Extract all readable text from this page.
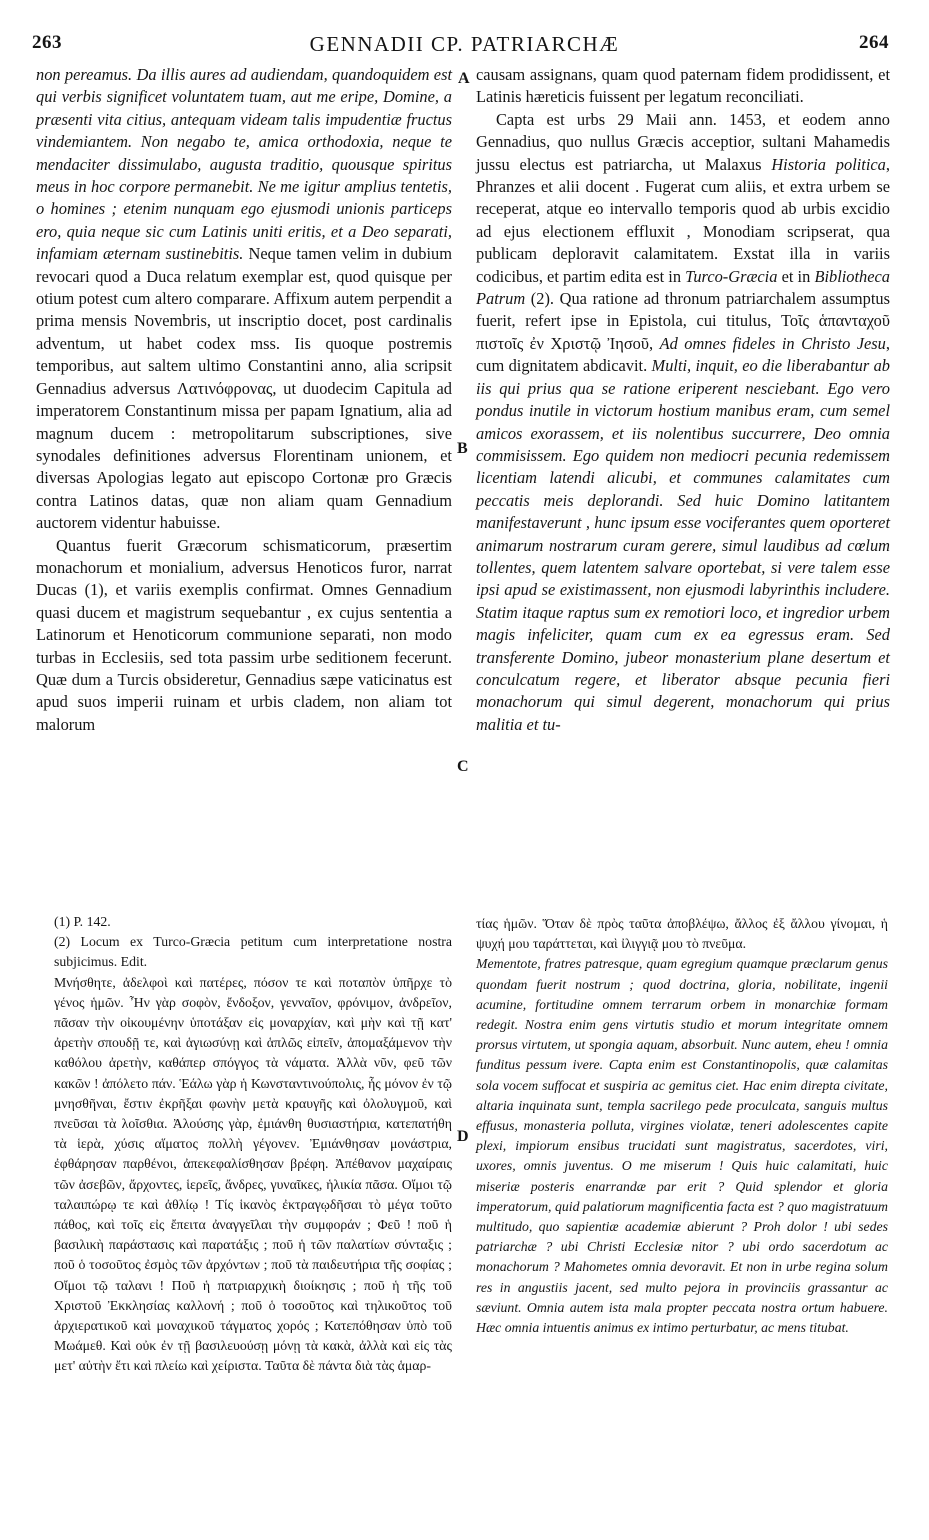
263	GENNADII CP. PATRIARCHÆ	264
A
B
C
D

non pereamus. Da illis aures ad audiendam, quandoquidem est qui verbis significet voluntatem tuam, aut me eripe, Domine, a præsenti vita citius, antequam videam talis impudentiæ fructus vindemiantem. Non negabo te, amica orthodoxia, neque te mendaciter dissimulabo, augusta traditio, quousque spiritus meus in hoc corpore permanebit. Ne me igitur amplius tentetis, o homines ; etenim nunquam ego ejusmodi unionis particeps ero, quia neque sic cum Latinis uniti eritis, et a Deo separati, infamiam æternam sustinebitis. Neque tamen velim in dubium revocari quod a Duca relatum exemplar est, quod quisque per otium potest cum altero comparare. Affixum autem perpendit a prima mensis Novembris, ut inscriptio docet, post cardinalis adventum, ut habet codex mss. Iis quoque postremis temporibus, aut saltem ultimo Constantini anno, alia scripsit Gennadius adversus Λατινόφρονας, ut duodecim Capitula ad imperatorem Constantinum missa per papam Ignatium, alia ad magnum ducem : metropolitarum subscriptiones, sive synodales definitiones adversus Florentinam unionem, et diversas Apologias legato aut episcopo Cortonæ pro Græcis contra Latinos datas, quæ non aliam quam Gennadium auctorem videntur habuisse.

Quantus fuerit Græcorum schismaticorum, præsertim monachorum et monialium, adversus Henoticos furor, narrat Ducas (1), et variis exemplis confirmat. Omnes Gennadium quasi ducem et magistrum sequebantur , ex cujus sententia a Latinorum et Henoticorum communione separati, non modo turbas in Ecclesiis, sed tota passim urbe seditionem fecerunt. Quæ dum a Turcis obsideretur, Gennadius sæpe vaticinatus est apud suos imperii ruinam et urbis cladem, non aliam tot malorum

causam assignans, quam quod paternam fidem prodidissent, et Latinis hæreticis fuissent per legatum reconciliati.

Capta est urbs 29 Maii ann. 1453, et eodem anno Gennadius, quo nullus Græcis acceptior, sultani Mahamedis jussu electus est patriarcha, ut Malaxus Historia politica, Phranzes et alii docent . Fugerat cum aliis, et extra urbem se receperat, atque eo intervallo temporis quod ab urbis excidio ad ejus electionem effluxit , Monodiam scripserat, qua publicam deploravit calamitatem. Exstat illa in variis codicibus, et partim edita est in Turco-Græcia et in Bibliotheca Patrum (2). Qua ratione ad thronum patriarchalem assumptus fuerit, refert ipse in Epistola, cui titulus, Τοῖς ἁπανταχοῦ πιστοῖς ἐν Χριστῷ Ἰησοῦ, Ad omnes fideles in Christo Jesu, cum dignitatem abdicavit. Multi, inquit, eo die liberabantur ab iis qui prius qua se ratione eriperent nesciebant. Ego vero pondus inutile in victorum hostium manibus eram, cum semel amicos exorassem, et iis nolentibus succurrere, Deo omnia commisissem. Ego quidem non mediocri pecunia redemissem licentiam latendi alicubi, et communes calamitates cum peccatis meis deplorandi. Sed huic Domino latitantem manifestaverunt , hunc ipsum esse vociferantes quem oporteret animarum nostrarum curam gerere, simul laudibus ad cœlum tollentes, quem latentem salvare oportebat, si vere talem esse ipsi apud se existimassent, non ejusmodi labyrinthis includere. Statim itaque raptus sum ex remotiori loco, et ingredior urbem magis infeliciter, quam cum ex ea egressus eram. Sed transferente Domino, jubeor monasterium plane desertum et conculcatum regere, et liberator absque pecunia fieri monachorum qui simul degerent, monachorum qui prius malitia et tu-

(1) P. 142.
(2) Locum ex Turco-Græcia petitum cum interpretatione nostra subjicimus. Edit.
Μνήσθητε, ἀδελφοὶ καὶ πατέρες, πόσον τε καὶ ποταπὸν ὑπῆρχε τὸ γένος ἡμῶν. Ἦν γὰρ σοφὸν, ἔνδοξον, γενναῖον, φρόνιμον, ἀνδρεῖον, πᾶσαν τὴν οἰκουμένην ὑποτάξαν εἰς μοναρχίαν, καὶ μὴν καὶ τῇ κατ' ἀρετὴν σπουδῇ τε, καὶ ἁγιωσύνῃ καὶ ἁπλῶς εἰπεῖν, ἀπομαξάμενον τὴν καθόλου ἀρετὴν, καθάπερ σπόγγος τὰ νάματα. Ἀλλὰ νῦν, φεῦ τῶν κακῶν ! ἀπόλετο πάν. Ἑάλω γὰρ ἡ Κωνσταντινούπολις, ἧς μόνον ἐν τῷ μνησθῆναι, ἔστιν ἐκρῆξαι φωνὴν μετὰ κραυγῆς καὶ ὀλολυγμοῦ, καὶ πνεῦσαι τὰ λοῖσθια. Ἀλούσης γὰρ, ἐμιάνθη θυσιαστήρια, κατεπατήθη τὰ ἱερὰ, χύσις αἵματος πολλὴ γέγονεν. Ἐμιάνθησαν μονάστρια, ἐφθάρησαν παρθένοι, ἀπεκεφαλίσθησαν βρέφη. Ἀπέθανον μαχαίραις τῶν ἀσεβῶν, ἄρχοντες, ἱερεῖς, ἄνδρες, γυναῖκες, ἡλικία πᾶσα. Οἴμοι τῷ ταλαιπώρῳ τε καὶ ἀθλίῳ ! Τίς ἱκανὸς ἐκτραγῳδῆσαι τὸ μέγα τοῦτο πάθος, καὶ τοῖς εἰς ἔπειτα ἀναγγεῖλαι τὴν συμφοράν ; Φεῦ ! ποῦ ἡ βασιλικὴ παράστασις καὶ παρατάξις ; ποῦ ἡ τῶν παλατίων σύνταξις ; ποῦ ὁ τοσοῦτος ἐσμὸς τῶν ἀρχόντων ; ποῦ τὰ παιδευτήρια τῆς σοφίας ; Οἴμοι τῷ ταλανι ! Ποῦ ἡ πατριαρχικὴ διοίκησις ; ποῦ ἡ τῆς τοῦ Χριστοῦ Ἐκκλησίας καλλονή ; ποῦ ὁ τοσοῦτος καὶ τηλικοῦτος τοῦ ἀρχιερατικοῦ καὶ μοναχικοῦ τάγματος χορός ; Κατεπόθησαν ὑπὸ τοῦ Μωάμεθ. Καὶ οὐκ ἐν τῇ βασιλευούσῃ μόνῃ τὰ κακὰ, ἀλλὰ καὶ εἰς τὰς μετ' αὐτὴν ἔτι καὶ πλείω καὶ χείριστα. Ταῦτα δὲ πάντα διὰ τὰς ἁμαρ-
τίας ἡμῶν. Ὅταν δὲ πρὸς ταῦτα ἀποβλέψω, ἄλλος ἐξ ἄλλου γίνομαι, ἡ ψυχή μου ταράττεται, καὶ ἰλιγγιᾷ μου τὸ πνεῦμα.
Mementote, fratres patresque, quam egregium quamque præclarum genus quondam fuerit nostrum ; quod doctrina, gloria, nobilitate, ingenii acumine, fortitudine omnem terrarum orbem in monarchiæ formam redegit. Nostra enim gens virtutis studio et morum integritate omnem prorsus virtutem, ut spongia aquam, absorbuit. Nunc autem, eheu ! omnia funditus pessum ivere. Capta enim est Constantinopolis, quæ calamitas sola vocem suffocat et suspiria ac gemitus ciet. Hac enim direpta civitate, altaria inquinata sunt, templa sacrilego pede proculcata, sanguis multus effusus, monasteria polluta, virgines violatæ, teneri adolescentes capite plexi, impiorum ensibus trucidati sunt magistratus, sacerdotes, viri, uxores, omnis juventus. O me miserum ! Quis huic calamitati, huic miseriæ posteris enarrandæ par erit ? Quid splendor et gloria imperatorum, quid palatiorum magnificentia facta est ? quo magistratuum multitudo, quo sapientiæ academiæ abierunt ? Proh dolor ! ubi sedes patriarchæ ? ubi Christi Ecclesiæ nitor ? ubi ordo sacerdotum ac monachorum ? Mahometes omnia devoravit. Et non in urbe regina solum res in angustiis jacent, sed multo pejora in provinciis grassantur ac sæviunt. Omnia autem ista mala propter peccata nostra ortum habuere. Hæc omnia intuentis animus ex intimo perturbatur, ac mens titubat.
